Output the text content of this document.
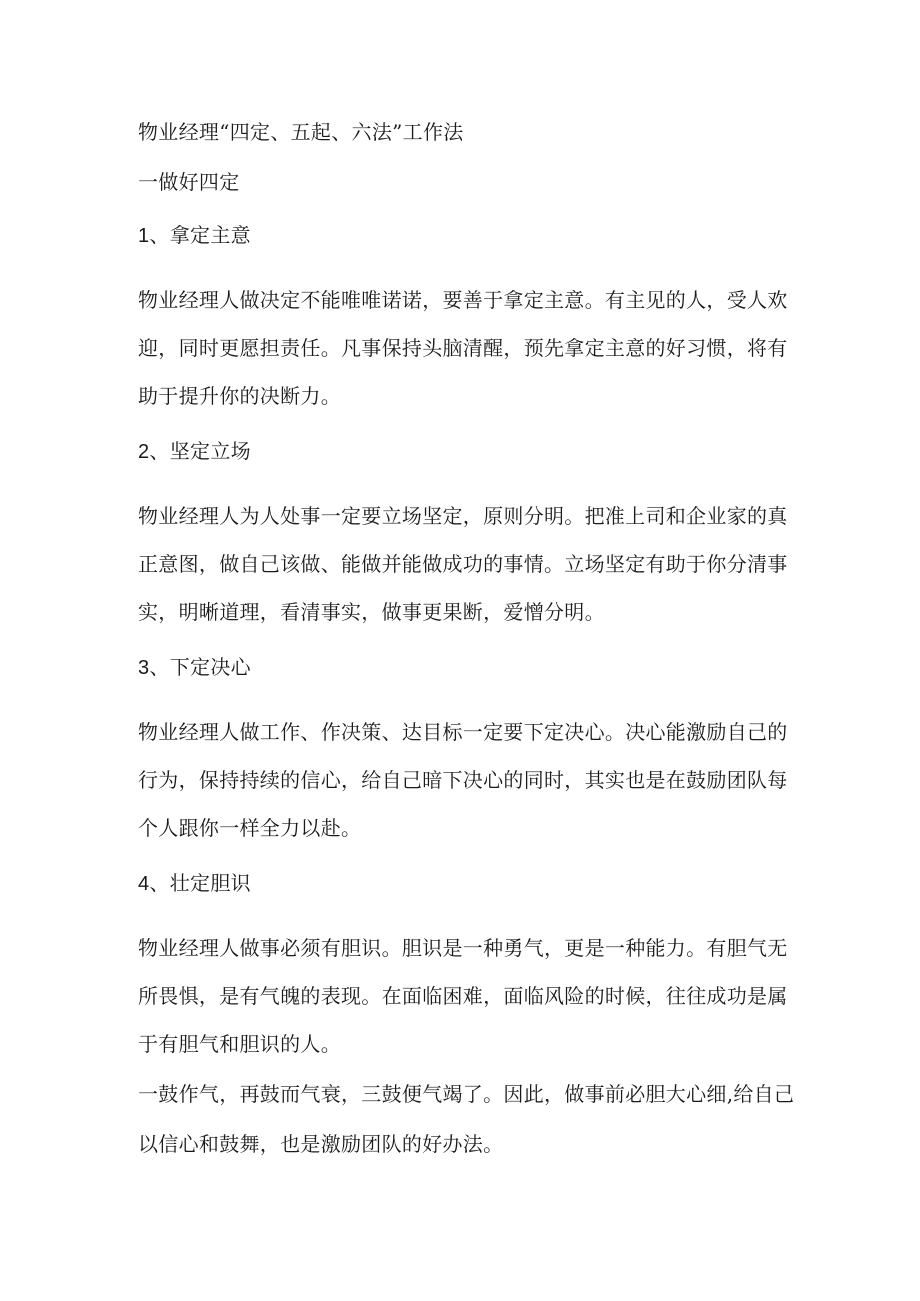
物业经理“四定、五起、六法”工作法
一做好四定
1、拿定主意
物业经理人做决定不能唯唯诺诺，要善于拿定主意。有主见的人，受人欢
迎，同时更愿担责任。凡事保持头脑清醒，预先拿定主意的好习惯，将有
助于提升你的决断力。
2、坚定立场
物业经理人为人处事一定要立场坚定，原则分明。把准上司和企业家的真
正意图，做自己该做、能做并能做成功的事情。立场坚定有助于你分清事
实，明晰道理，看清事实，做事更果断，爱憎分明。
3、下定决心
物业经理人做工作、作决策、达目标一定要下定决心。决心能激励自己的
行为，保持持续的信心，给自己暗下决心的同时，其实也是在鼓励团队每
个人跟你一样全力以赴。
4、壮定胆识
物业经理人做事必须有胆识。胆识是一种勇气，更是一种能力。有胆气无
所畏惧，是有气魄的表现。在面临困难，面临风险的时候，往往成功是属
于有胆气和胆识的人。
一鼓作气，再鼓而气衰，三鼓便气竭了。因此，做事前必胆大心细,给自己
以信心和鼓舞，也是激励团队的好办法。
